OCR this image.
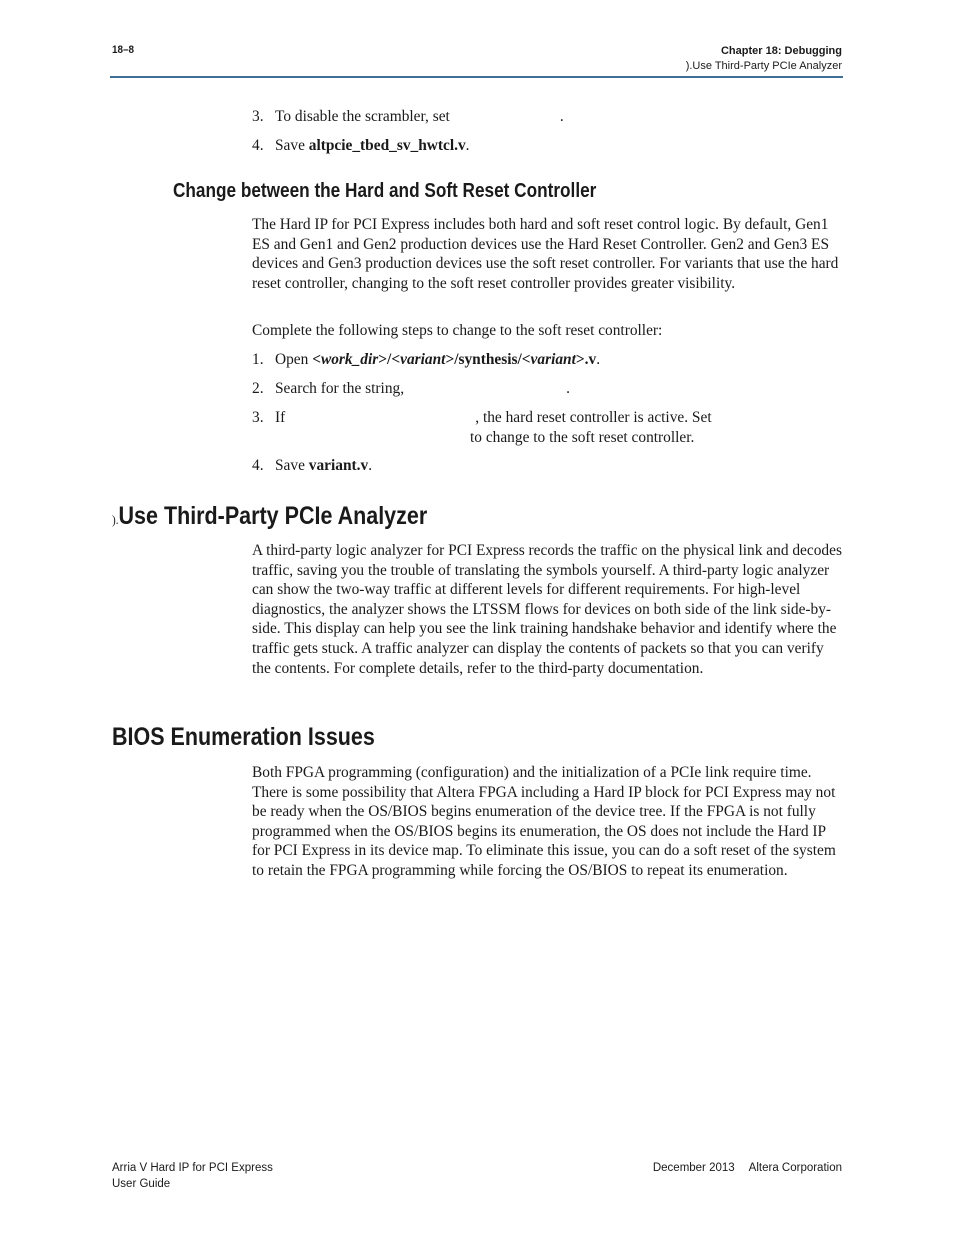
18–8	Chapter 18: Debugging
).Use Third-Party PCIe Analyzer
3. To disable the scrambler, set	.
4. Save altpcie_tbed_sv_hwtcl.v.
Change between the Hard and Soft Reset Controller
The Hard IP for PCI Express includes both hard and soft reset control logic. By default, Gen1 ES and Gen1 and Gen2 production devices use the Hard Reset Controller. Gen2 and Gen3 ES devices and Gen3 production devices use the soft reset controller. For variants that use the hard reset controller, changing to the soft reset controller provides greater visibility.
Complete the following steps to change to the soft reset controller:
1. Open <work_dir>/<variant>/synthesis/<variant>.v.
2. Search for the string,	.
3. If	, the hard reset controller is active. Set
to change to the soft reset controller.
4. Save variant.v.
).Use Third-Party PCIe Analyzer
A third-party logic analyzer for PCI Express records the traffic on the physical link and decodes traffic, saving you the trouble of translating the symbols yourself. A third-party logic analyzer can show the two-way traffic at different levels for different requirements. For high-level diagnostics, the analyzer shows the LTSSM flows for devices on both side of the link side-by-side. This display can help you see the link training handshake behavior and identify where the traffic gets stuck. A traffic analyzer can display the contents of packets so that you can verify the contents. For complete details, refer to the third-party documentation.
BIOS Enumeration Issues
Both FPGA programming (configuration) and the initialization of a PCIe link require time. There is some possibility that Altera FPGA including a Hard IP block for PCI Express may not be ready when the OS/BIOS begins enumeration of the device tree. If the FPGA is not fully programmed when the OS/BIOS begins its enumeration, the OS does not include the Hard IP for PCI Express in its device map. To eliminate this issue, you can do a soft reset of the system to retain the FPGA programming while forcing the OS/BIOS to repeat its enumeration.
Arria V Hard IP for PCI Express
User Guide
December 2013 Altera Corporation
